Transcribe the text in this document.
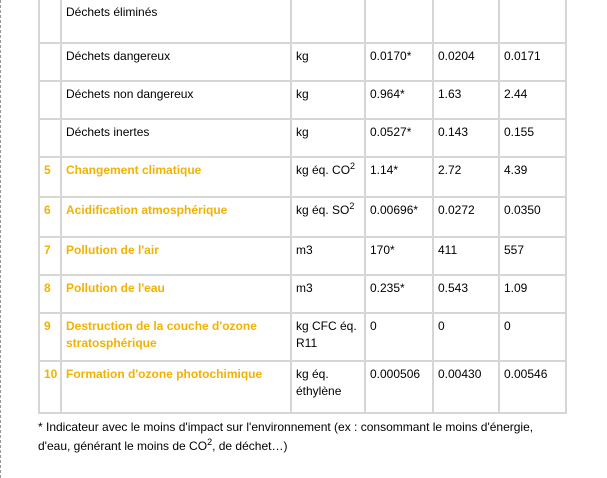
	Déchets éliminés				
	Déchets dangereux	kg	0.0170*	0.0204	0.0171
	Déchets non dangereux	kg	0.964*	1.63	2.44
	Déchets inertes	kg	0.0527*	0.143	0.155
5	Changement climatique	kg éq. $CO^2$	1.14*	2.72	4.39
6	Acidification atmosphérique	kg éq. $SO^2$	0.00696*	0.0272	0.0350
7	Pollution de l'air	m3	170*	411	557
8	Pollution de l'eau	m3	0.235*	0.543	1.09
9	Destruction de la couche d'ozone stratosphérique	kg CFC éq. R11	0	0	0
10	Formation d'ozone photochimique	kg éq. éthylène	0.000506	0.00430	0.00546
* Indicateur avec le moins d'impact sur l'environnement (ex : consommant le moins d'énergie, d'eau, générant le moins de $CO^2$, de déchet…)
